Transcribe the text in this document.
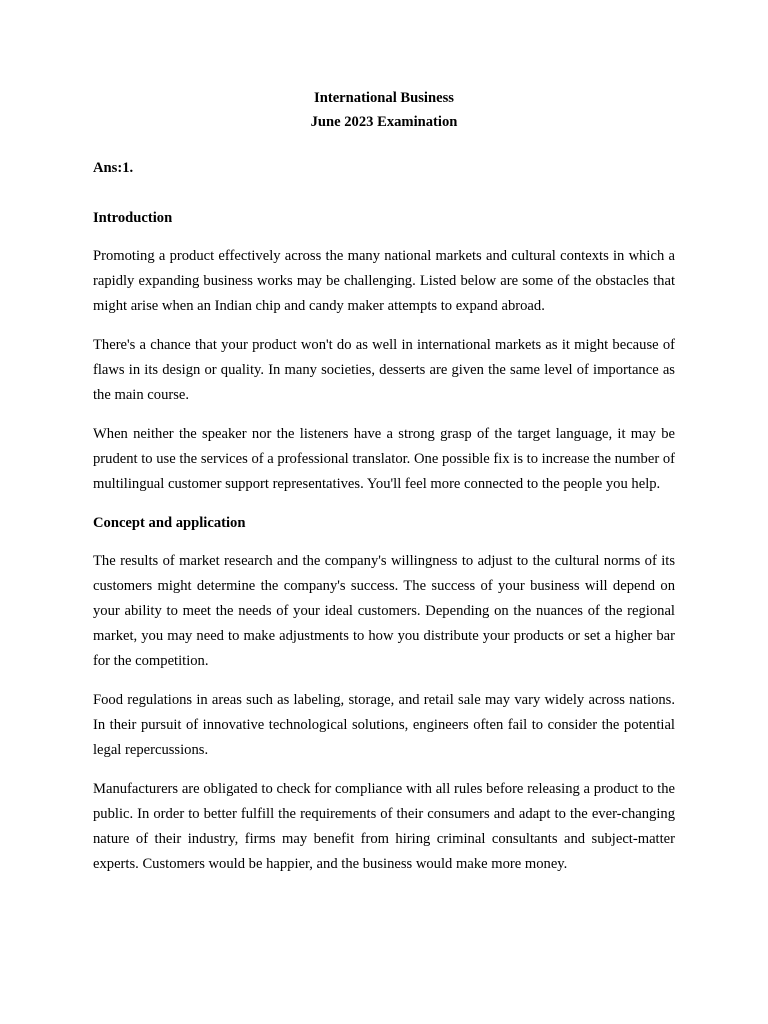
International Business

June 2023 Examination

Ans:1.

Introduction

Promoting a product effectively across the many national markets and cultural contexts in which a rapidly expanding business works may be challenging. Listed below are some of the obstacles that might arise when an Indian chip and candy maker attempts to expand abroad.

There's a chance that your product won't do as well in international markets as it might because of flaws in its design or quality. In many societies, desserts are given the same level of importance as the main course.

When neither the speaker nor the listeners have a strong grasp of the target language, it may be prudent to use the services of a professional translator. One possible fix is to increase the number of multilingual customer support representatives. You'll feel more connected to the people you help.

Concept and application

The results of market research and the company's willingness to adjust to the cultural norms of its customers might determine the company's success. The success of your business will depend on your ability to meet the needs of your ideal customers. Depending on the nuances of the regional market, you may need to make adjustments to how you distribute your products or set a higher bar for the competition.

Food regulations in areas such as labeling, storage, and retail sale may vary widely across nations. In their pursuit of innovative technological solutions, engineers often fail to consider the potential legal repercussions.

Manufacturers are obligated to check for compliance with all rules before releasing a product to the public. In order to better fulfill the requirements of their consumers and adapt to the ever-changing nature of their industry, firms may benefit from hiring criminal consultants and subject-matter experts. Customers would be happier, and the business would make more money.
